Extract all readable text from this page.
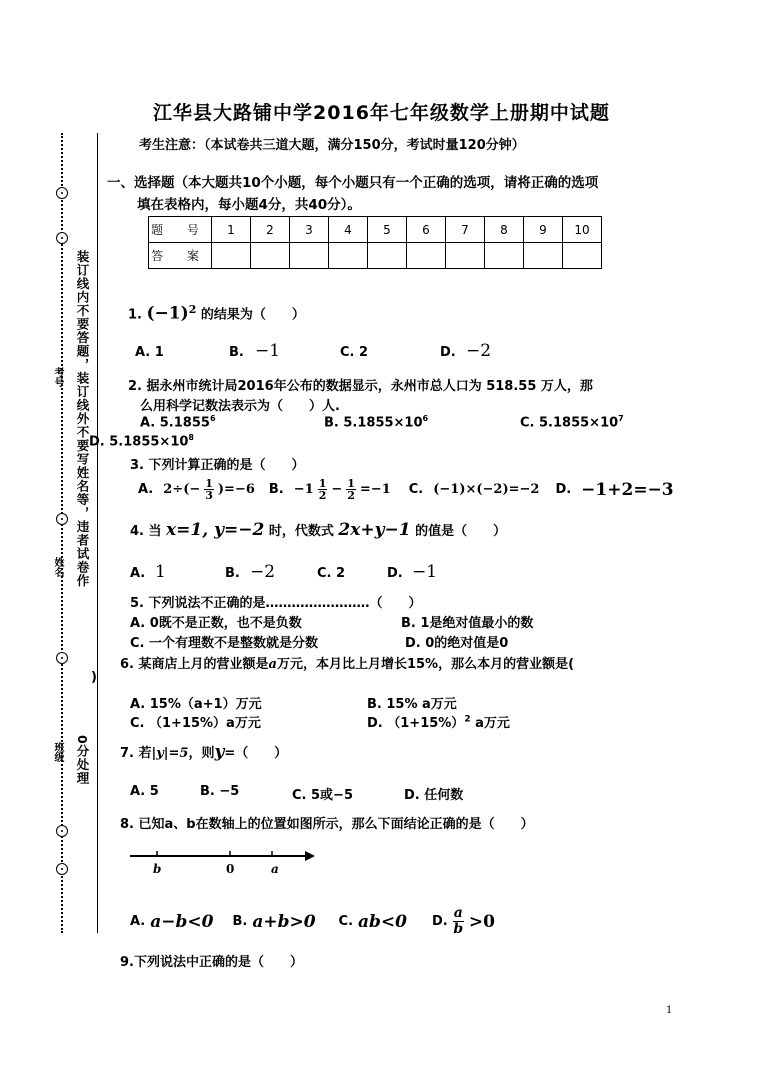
装订线内不要答题，装订线外不要写姓名等，违者试卷作
0分处理
考号
姓名
班级
)
江华县大路铺中学2016年七年级数学上册期中试题
考生注意：（本试卷共三道大题，满分150分，考试时量120分钟）
一、选择题（本大题共10个小题，每个小题只有一个正确的选项，请将正确的选项
填在表格内，每小题4分，共40分）。
题 号	1	2	3	4	5	6	7	8	9	10
答 案										
1. $(-1)^2$ 的结果为（　　）
A. 1	B. −1	C. 2	D. −2
2. 据永州市统计局2016年公布的数据显示，永州市总人口为 518.55 万人，那
么用科学记数法表示为（　　）人.
A. 5.1855$^6$	B. $5.1855\times 10^6$	C. $5.1855\times 10^7$
D. $5.1855\times 10^8$
3. 下列计算正确的是（　　）
A. $2\div(- \frac{1}{3} )=-6$ B. $-1 \frac{1}{2} - \frac{1}{2} =-1$ C. (−1)×(−2)=−2 D. −1+2=−3
4. 当 x=1, y=−2 时，代数式 2x+y−1 的值是（　　）
A. 1	B. −2	C. 2	D. −1
5. 下列说法不正确的是……………………（　　）
A. 0既不是正数，也不是负数	B. 1是绝对值最小的数
C. 一个有理数不是整数就是分数	D. 0的绝对值是0
6. 某商店上月的营业额是a万元，本月比上月增长15%，那么本月的营业额是(
A. 15%（a+1）万元	B. 15% a万元
C. （1+15%）a万元	D. $(1+15\%)^2$ a万元
7. 若|y|=5，则y=（　　）
A. 5	B. −5	C. 5或−5	D. 任何数
8. 已知a、b在数轴上的位置如图所示，那么下面结论正确的是（　　）
b	0	a
A. a−b<0 B. a+b>0 C. ab<0 D. $\frac{a}{b} >0$
9.下列说法中正确的是（　　）
1
